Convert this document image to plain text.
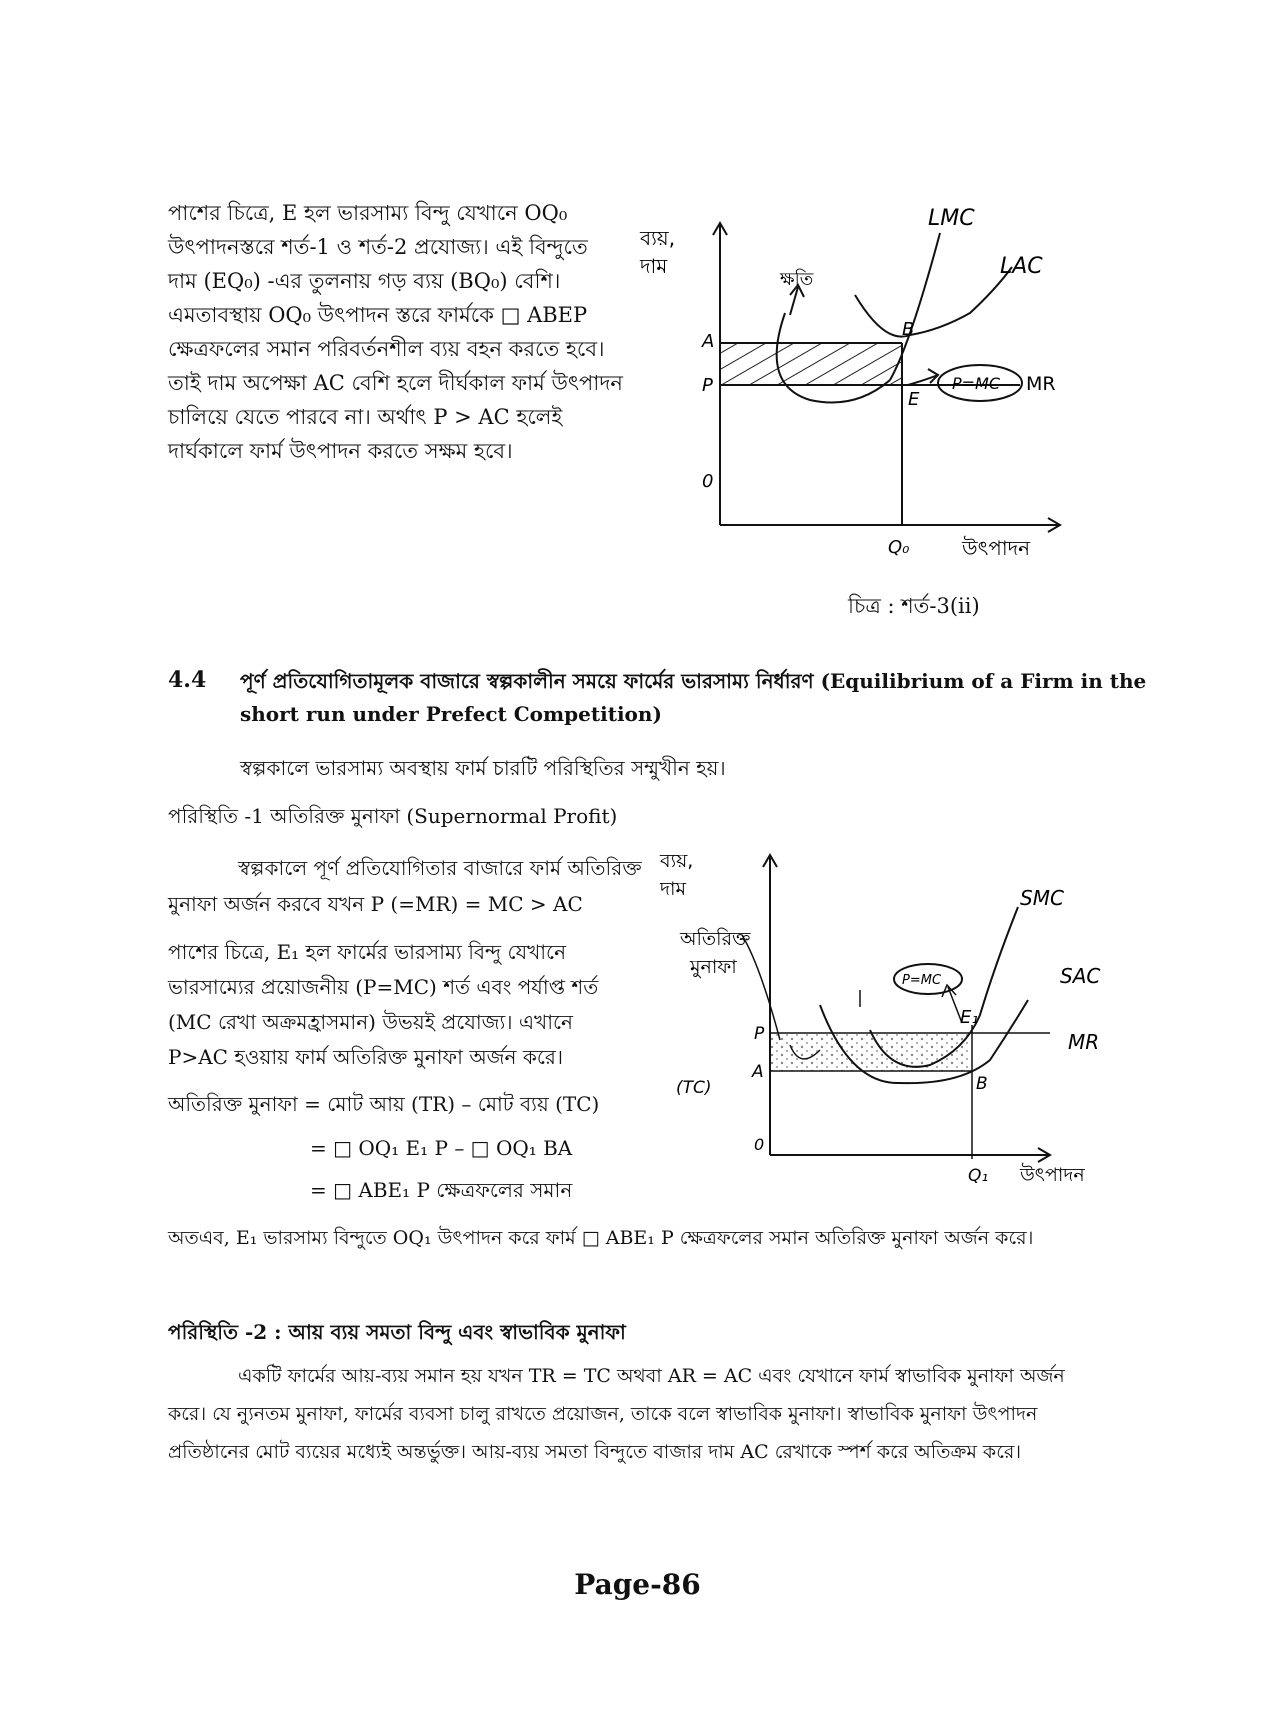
পাশের চিত্রে, E হল ভারসাম্য বিন্দু যেখানে OQ₀
উৎপাদনস্তরে শর্ত-1 ও শর্ত-2 প্রযোজ্য। এই বিন্দুতে
দাম (EQ₀) -এর তুলনায় গড় ব্যয় (BQ₀) বেশি।
এমতাবস্থায় OQ₀ উৎপাদন স্তরে ফার্মকে □ ABEP
ক্ষেত্রফলের সমান পরিবর্তনশীল ব্যয় বহন করতে হবে।
তাই দাম অপেক্ষা AC বেশি হলে দীর্ঘকাল ফার্ম উৎপাদন
চালিয়ে যেতে পারবে না। অর্থাৎ P > AC হলেই
দার্ঘকালে ফার্ম উৎপাদন করতে সক্ষম হবে।
ব্যয়,
দাম
A
P
0
B
E
Q₀	উৎপাদন
LMC
LAC
MR
ক্ষতি
P=MC
চিত্র : শর্ত-3(ii)
4.4 পূর্ণ প্রতিযোগিতামূলক বাজারে স্বল্পকালীন সময়ে ফার্মের ভারসাম্য নির্ধারণ (Equilibrium of a Firm in the
short run under Prefect Competition)
স্বল্পকালে ভারসাম্য অবস্থায় ফার্ম চারটি পরিস্থিতির সম্মুখীন হয়।
পরিস্থিতি -1 অতিরিক্ত মুনাফা (Supernormal Profit)
স্বল্পকালে পূর্ণ প্রতিযোগিতার বাজারে ফার্ম অতিরিক্ত
মুনাফা অর্জন করবে যখন P (=MR) = MC > AC
পাশের চিত্রে, E₁ হল ফার্মের ভারসাম্য বিন্দু যেখানে
ভারসাম্যের প্রয়োজনীয় (P=MC) শর্ত এবং পর্যাপ্ত শর্ত
(MC রেখা অক্রমহ্রাসমান) উভয়ই প্রযোজ্য। এখানে
P>AC হওয়ায় ফার্ম অতিরিক্ত মুনাফা অর্জন করে।
অতিরিক্ত মুনাফা = মোট আয় (TR) – মোট ব্যয় (TC)
= □ OQ₁ E₁ P – □ OQ₁ BA
= □ ABE₁ P ক্ষেত্রফলের সমান
ব্যয়,
দাম
অতিরিক্ত
মুনাফা
P
A
(TC)
0
E₁
B
Q₁ উৎপাদন
SMC
SAC
MR
P=MC
অতএব, E₁ ভারসাম্য বিন্দুতে OQ₁ উৎপাদন করে ফার্ম □ ABE₁ P ক্ষেত্রফলের সমান অতিরিক্ত মুনাফা অর্জন করে।
পরিস্থিতি -2 : আয় ব্যয় সমতা বিন্দু এবং স্বাভাবিক মুনাফা
একটি ফার্মের আয়-ব্যয় সমান হয় যখন TR = TC অথবা AR = AC এবং যেখানে ফার্ম স্বাভাবিক মুনাফা অর্জন
করে। যে ন্যুনতম মুনাফা, ফার্মের ব্যবসা চালু রাখতে প্রয়োজন, তাকে বলে স্বাভাবিক মুনাফা। স্বাভাবিক মুনাফা উৎপাদন
প্রতিষ্ঠানের মোট ব্যয়ের মধ্যেই অন্তর্ভুক্ত। আয়-ব্যয় সমতা বিন্দুতে বাজার দাম AC রেখাকে স্পর্শ করে অতিক্রম করে।
Page-86
